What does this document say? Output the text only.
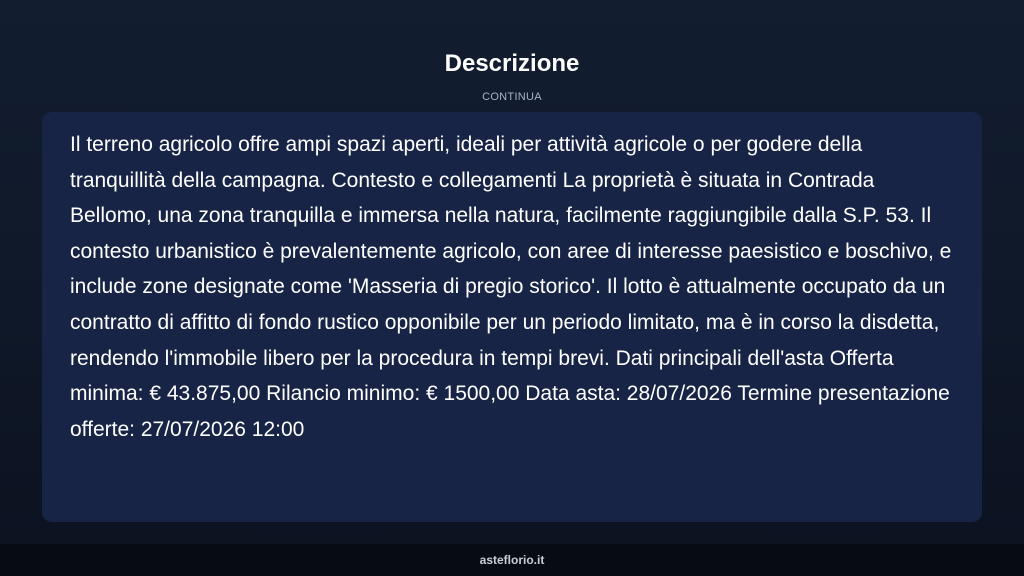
Descrizione
CONTINUA

Il terreno agricolo offre ampi spazi aperti, ideali per attività agricole o per godere della tranquillità della campagna. Contesto e collegamenti La proprietà è situata in Contrada Bellomo, una zona tranquilla e immersa nella natura, facilmente raggiungibile dalla S.P. 53. Il contesto urbanistico è prevalentemente agricolo, con aree di interesse paesistico e boschivo, e include zone designate come 'Masseria di pregio storico'. Il lotto è attualmente occupato da un contratto di affitto di fondo rustico opponibile per un periodo limitato, ma è in corso la disdetta, rendendo l'immobile libero per la procedura in tempi brevi. Dati principali dell'asta Offerta minima: € 43.875,00 Rilancio minimo: € 1500,00 Data asta: 28/07/2026 Termine presentazione offerte: 27/07/2026 12:00

asteflorio.it
